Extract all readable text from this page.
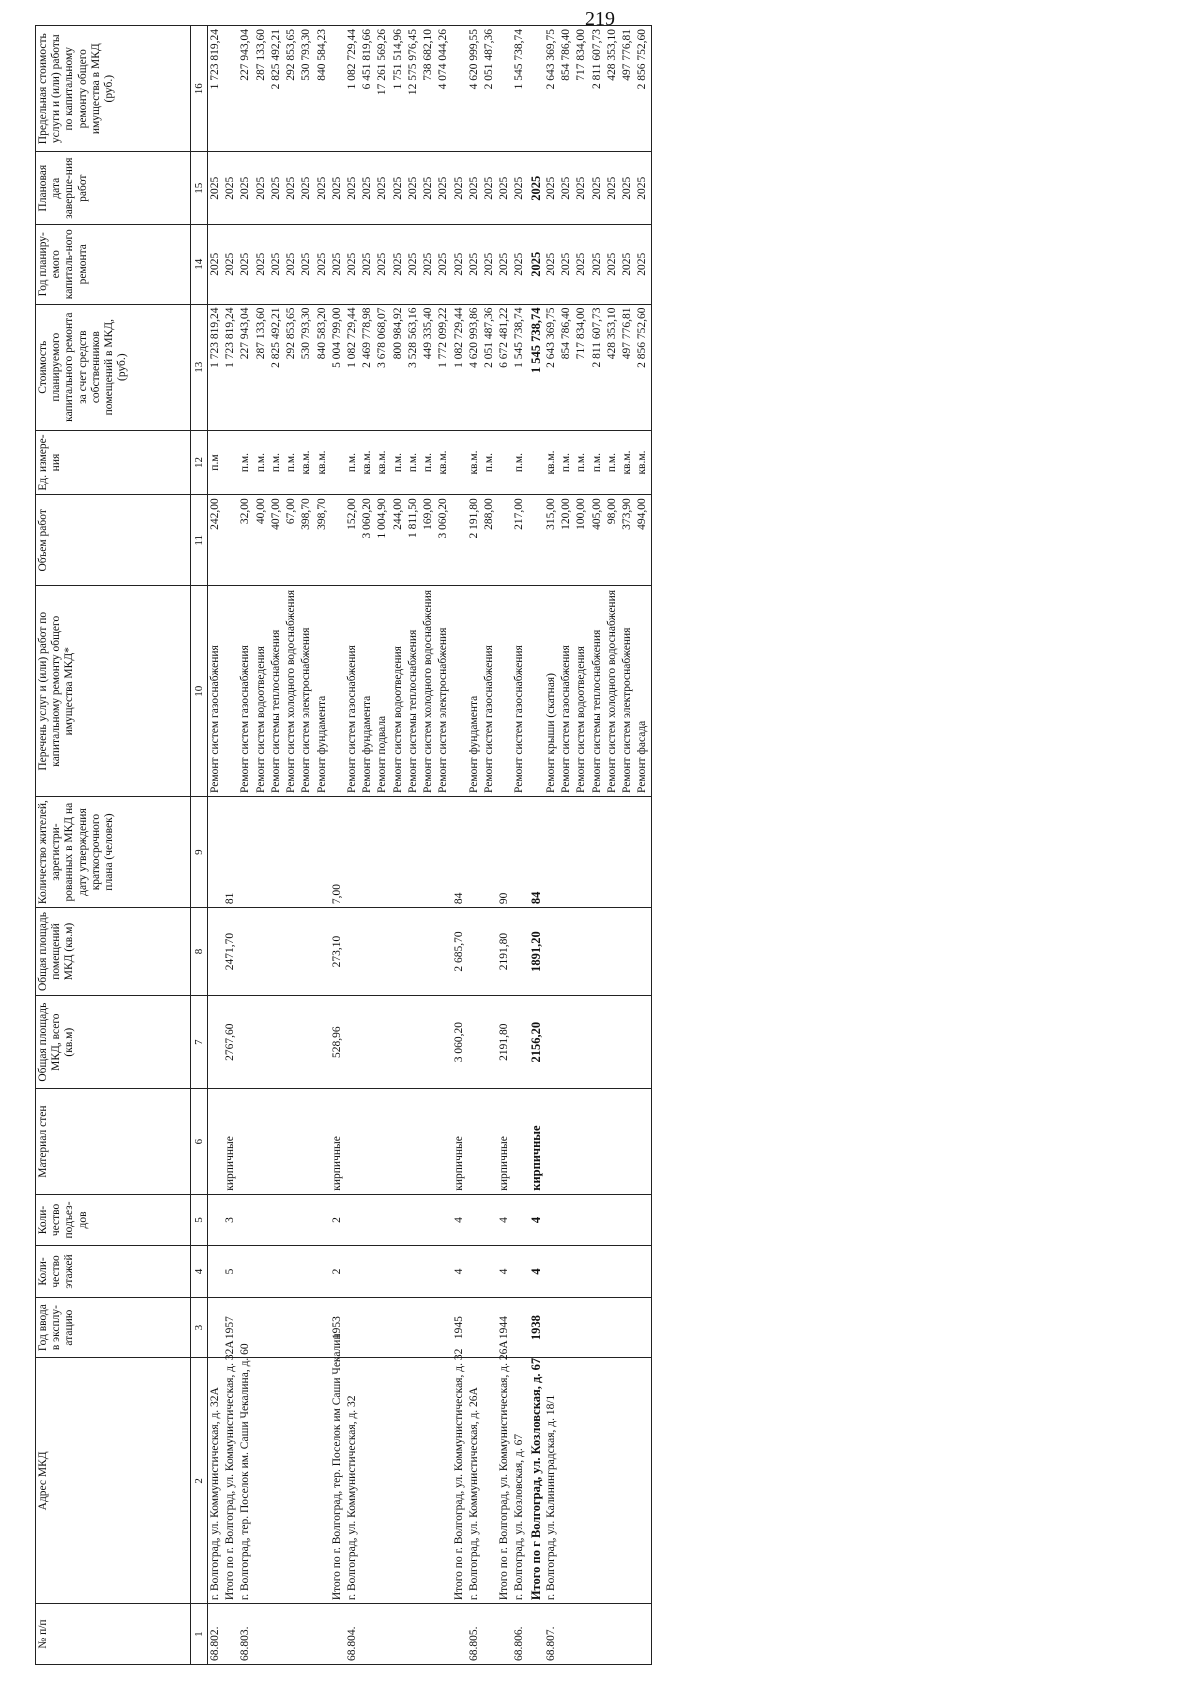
219
№ п/п	Адрес МКД	Год ввода в эксплу-атацию	Коли-чество этажей	Коли-чество подъез-дов	Материал стен	Общая площадь МКД, всего (кв.м)	Общая площадь помещений МКД (кв.м)	Количество жителей, зарегистри-рованных в МКД на дату утверждения краткосрочного плана (человек)	Перечень услуг и (или) работ по капитальному ремонту общего имущества МКД*	Объем работ	Ед. измере-ния	Стоимость планируемого капитального ремонта за счет средств собственников помещений в МКД, (руб.)	Год планиру-емого капиталь-ного ремонта	Плановая дата заверше-ния работ	Предельная стоимость услуги и (или) работы по капитальному ремонту общего имущества в МКД (руб.)
1	2	3	4	5	6	7	8	9	10	11	12	13	14	15	16
68.802.	г. Волгоград, ул. Коммунистическая, д. 32А								Ремонт систем газоснабжения	242,00	п.м	1 723 819,24	2025	2025	1 723 819,24
	Итого по г. Волгоград, ул. Коммунистическая, д. 32А	1957	5	3	кирпичные	2767,60	2471,70	81				1 723 819,24	2025	2025	
68.803.	г. Волгоград, тер. Поселок им. Саши Чекалина, д. 60								Ремонт систем газоснабжения	32,00	п.м.	227 943,04	2025	2025	227 943,04
									Ремонт систем водоотведения	40,00	п.м.	287 133,60	2025	2025	287 133,60
									Ремонт системы теплоснабжения	407,00	п.м.	2 825 492,21	2025	2025	2 825 492,21
									Ремонт систем холодного водоснабжения	67,00	п.м.	292 853,65	2025	2025	292 853,65
									Ремонт систем электроснабжения	398,70	кв.м.	530 793,30	2025	2025	530 793,30
									Ремонт фундамента	398,70	кв.м.	840 583,20	2025	2025	840 584,23
	Итого по г. Волгоград, тер. Поселок им Саши Чекалин	1953	2	2	кирпичные	528,96	273,10	7,00				5 004 799,00	2025	2025	
68.804.	г. Волгоград, ул. Коммунистическая, д. 32								Ремонт систем газоснабжения	152,00	п.м.	1 082 729,44	2025	2025	1 082 729,44
									Ремонт фундамента	3 060,20	кв.м.	2 469 778,98	2025	2025	6 451 819,66
									Ремонт подвала	1 004,90	кв.м.	3 678 068,07	2025	2025	17 261 569,26
									Ремонт систем водоотведения	244,00	п.м.	800 984,92	2025	2025	1 751 514,96
									Ремонт системы теплоснабжения	1 811,50	п.м.	3 528 563,16	2025	2025	12 575 976,45
									Ремонт систем холодного водоснабжения	169,00	п.м.	449 335,40	2025	2025	738 682,10
									Ремонт систем электроснабжения	3 060,20	кв.м.	1 772 099,22	2025	2025	4 074 044,26
	Итого по г. Волгоград, ул. Коммунистическая, д. 32	1945	4	4	кирпичные	3 060,20	2 685,70	84				1 082 729,44	2025	2025	
68.805.	г. Волгоград, ул. Коммунистическая, д. 26А								Ремонт фундамента	2 191,80	кв.м.	4 620 993,86	2025	2025	4 620 999,55
									Ремонт систем газоснабжения	288,00	п.м.	2 051 487,36	2025	2025	2 051 487,36
	Итого по г. Волгоград, ул. Коммунистическая, д. 26А	1944	4	4	кирпичные	2191,80	2191,80	90				6 672 481,22	2025	2025	
68.806.	г. Волгоград, ул. Козловская, д. 67								Ремонт систем газоснабжения	217,00	п.м.	1 545 738,74	2025	2025	1 545 738,74
	Итого по г Волгоград, ул. Козловская, д. 67	1938	4	4	кирпичные	2156,20	1891,20	84				1 545 738,74	2025	2025	
68.807.	г. Волгоград, ул. Калининградская, д. 18/1								Ремонт крыши (скатная)	315,00	кв.м.	2 643 369,75	2025	2025	2 643 369,75
									Ремонт систем газоснабжения	120,00	п.м.	854 786,40	2025	2025	854 786,40
									Ремонт систем водоотведения	100,00	п.м.	717 834,00	2025	2025	717 834,00
									Ремонт системы теплоснабжения	405,00	п.м.	2 811 607,73	2025	2025	2 811 607,73
									Ремонт систем холодного водоснабжения	98,00	п.м.	428 353,10	2025	2025	428 353,10
									Ремонт систем электроснабжения	373,90	кв.м.	497 776,81	2025	2025	497 776,81
									Ремонт фасада	494,00	кв.м.	2 856 752,60	2025	2025	2 856 752,60
